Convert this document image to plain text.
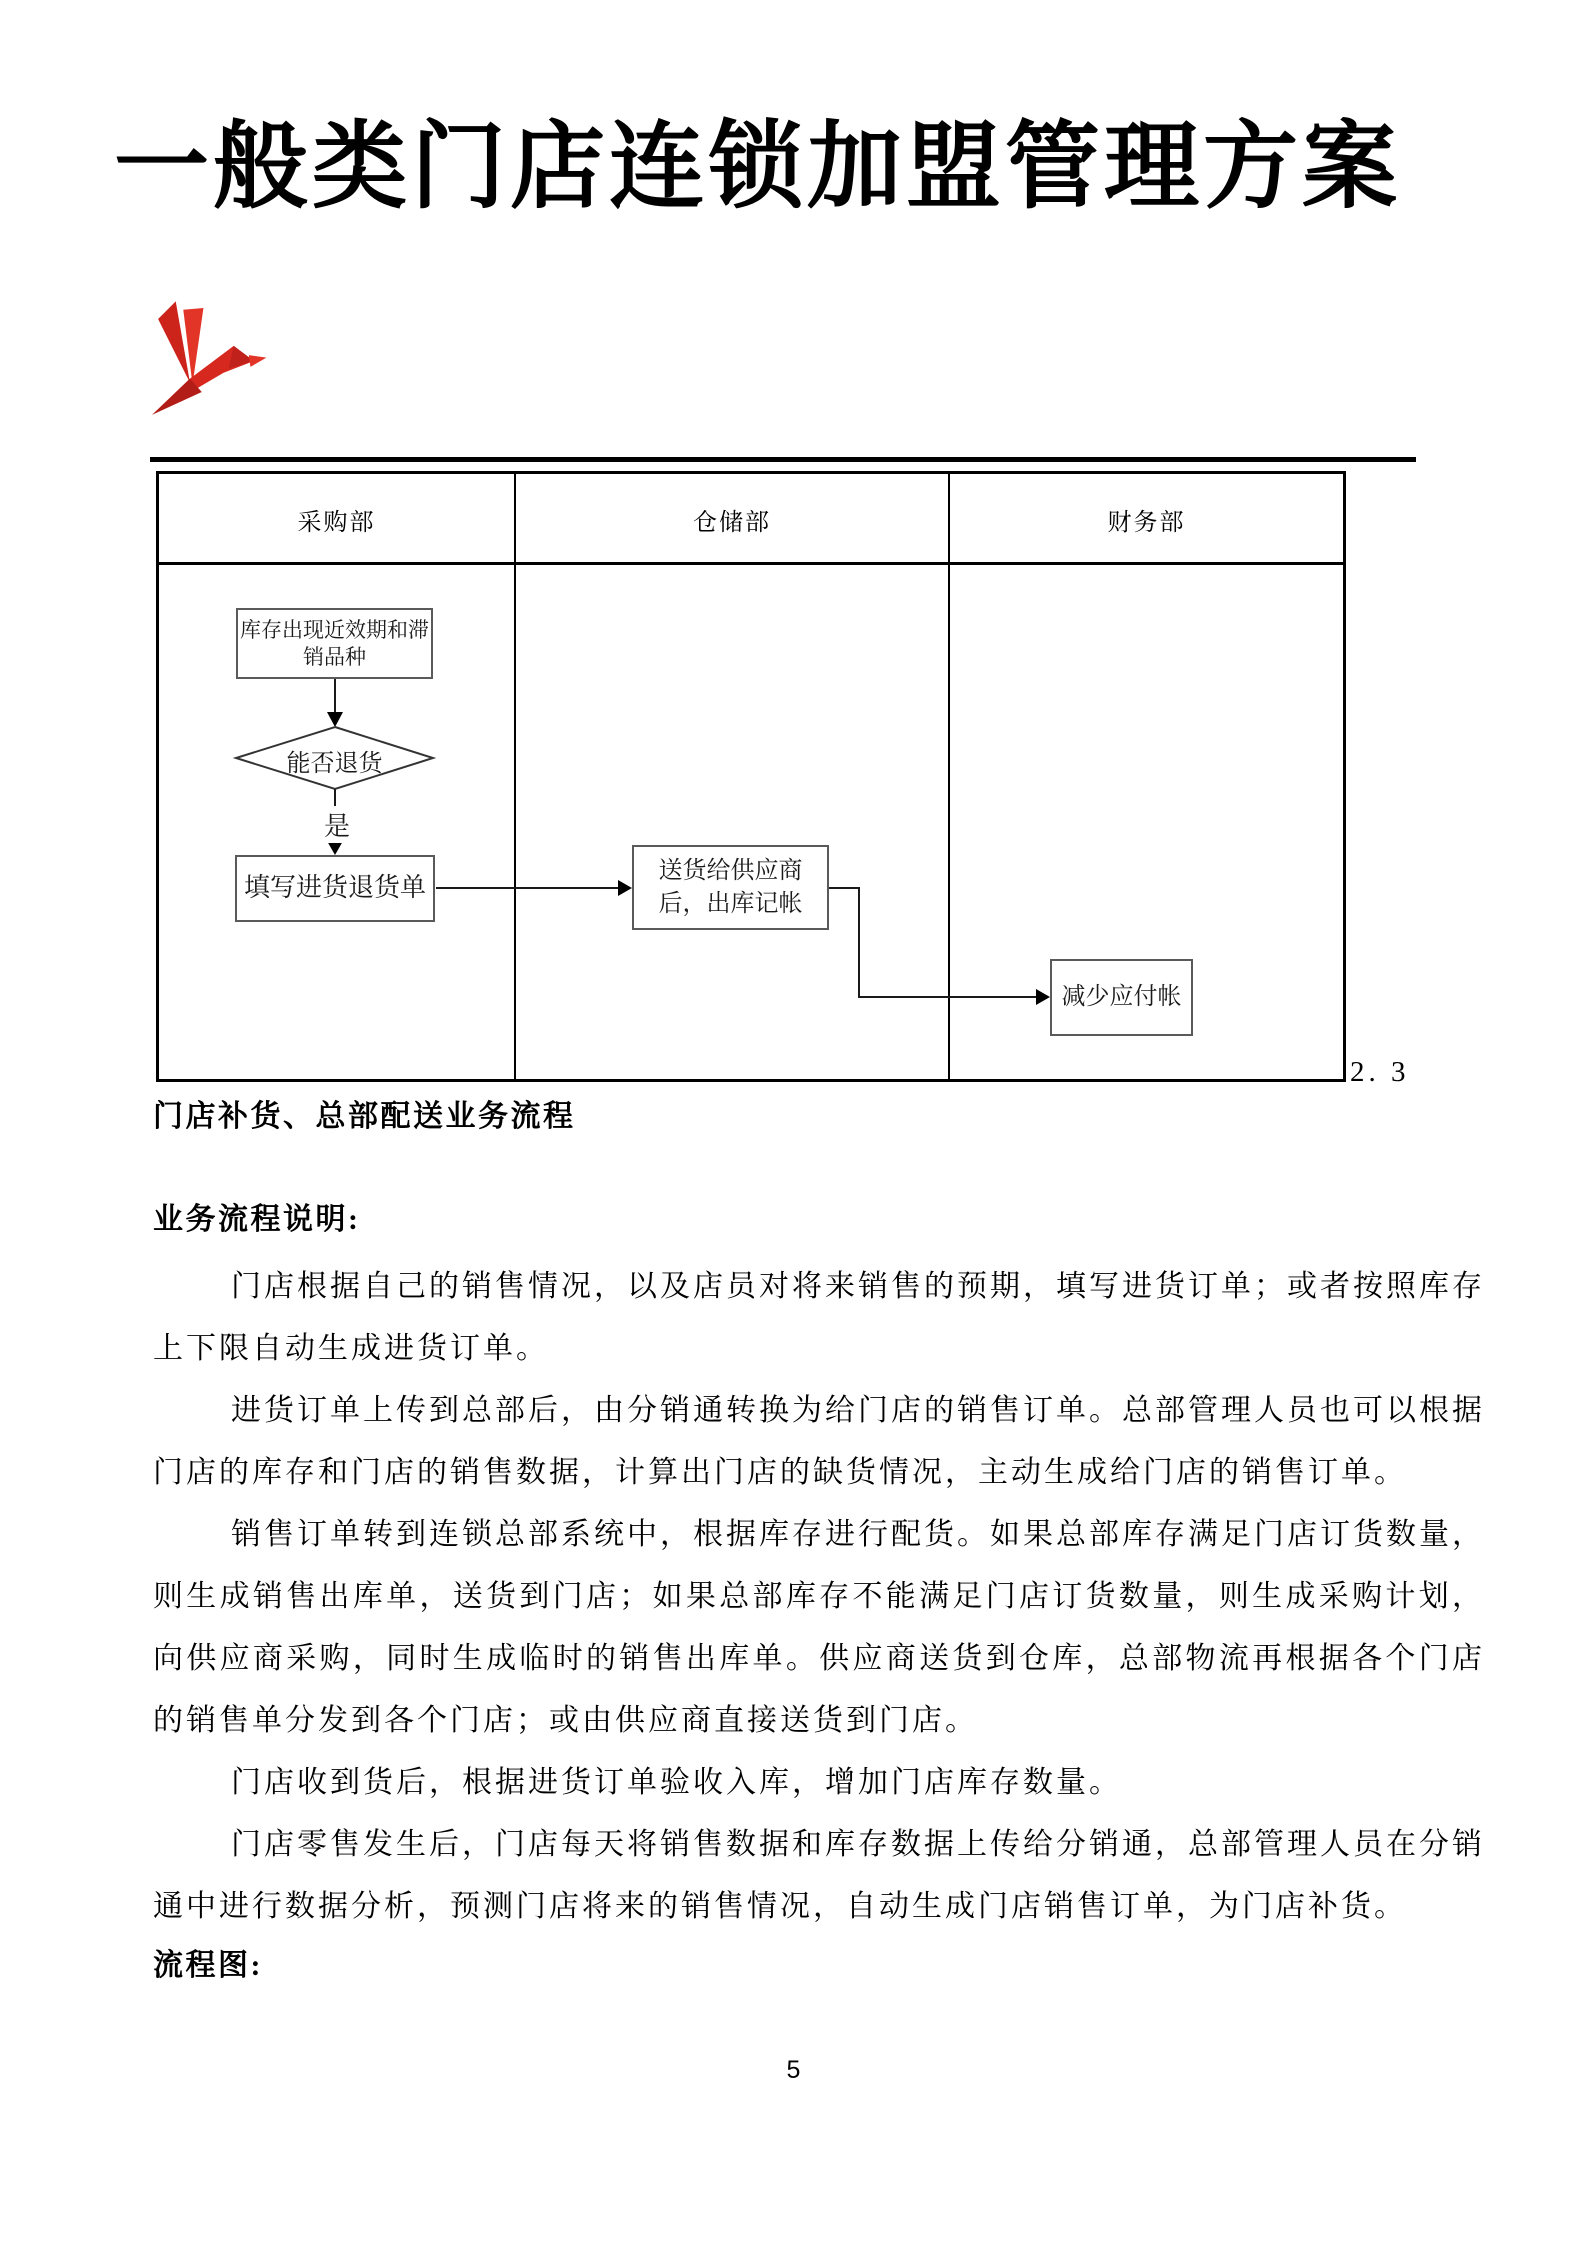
一般类门店连锁加盟管理方案
采购部	仓储部	财务部
库存出现近效期和滞销品种
能否退货
是
填写进货退货单
送货给供应商后，出库记帐
减少应付帐
2. 3
门店补货、总部配送业务流程
业务流程说明:
流程图:

门店根据自己的销售情况，以及店员对将来销售的预期，填写进货订单；或者按照库存上下限自动生成进货订单。

进货订单上传到总部后，由分销通转换为给门店的销售订单。总部管理人员也可以根据门店的库存和门店的销售数据，计算出门店的缺货情况，主动生成给门店的销售订单。

销售订单转到连锁总部系统中，根据库存进行配货。如果总部库存满足门店订货数量，则生成销售出库单，送货到门店；如果总部库存不能满足门店订货数量，则生成采购计划，向供应商采购，同时生成临时的销售出库单。供应商送货到仓库，总部物流再根据各个门店的销售单分发到各个门店；或由供应商直接送货到门店。

门店收到货后，根据进货订单验收入库，增加门店库存数量。

门店零售发生后，门店每天将销售数据和库存数据上传给分销通，总部管理人员在分销通中进行数据分析，预测门店将来的销售情况，自动生成门店销售订单，为门店补货。

5
